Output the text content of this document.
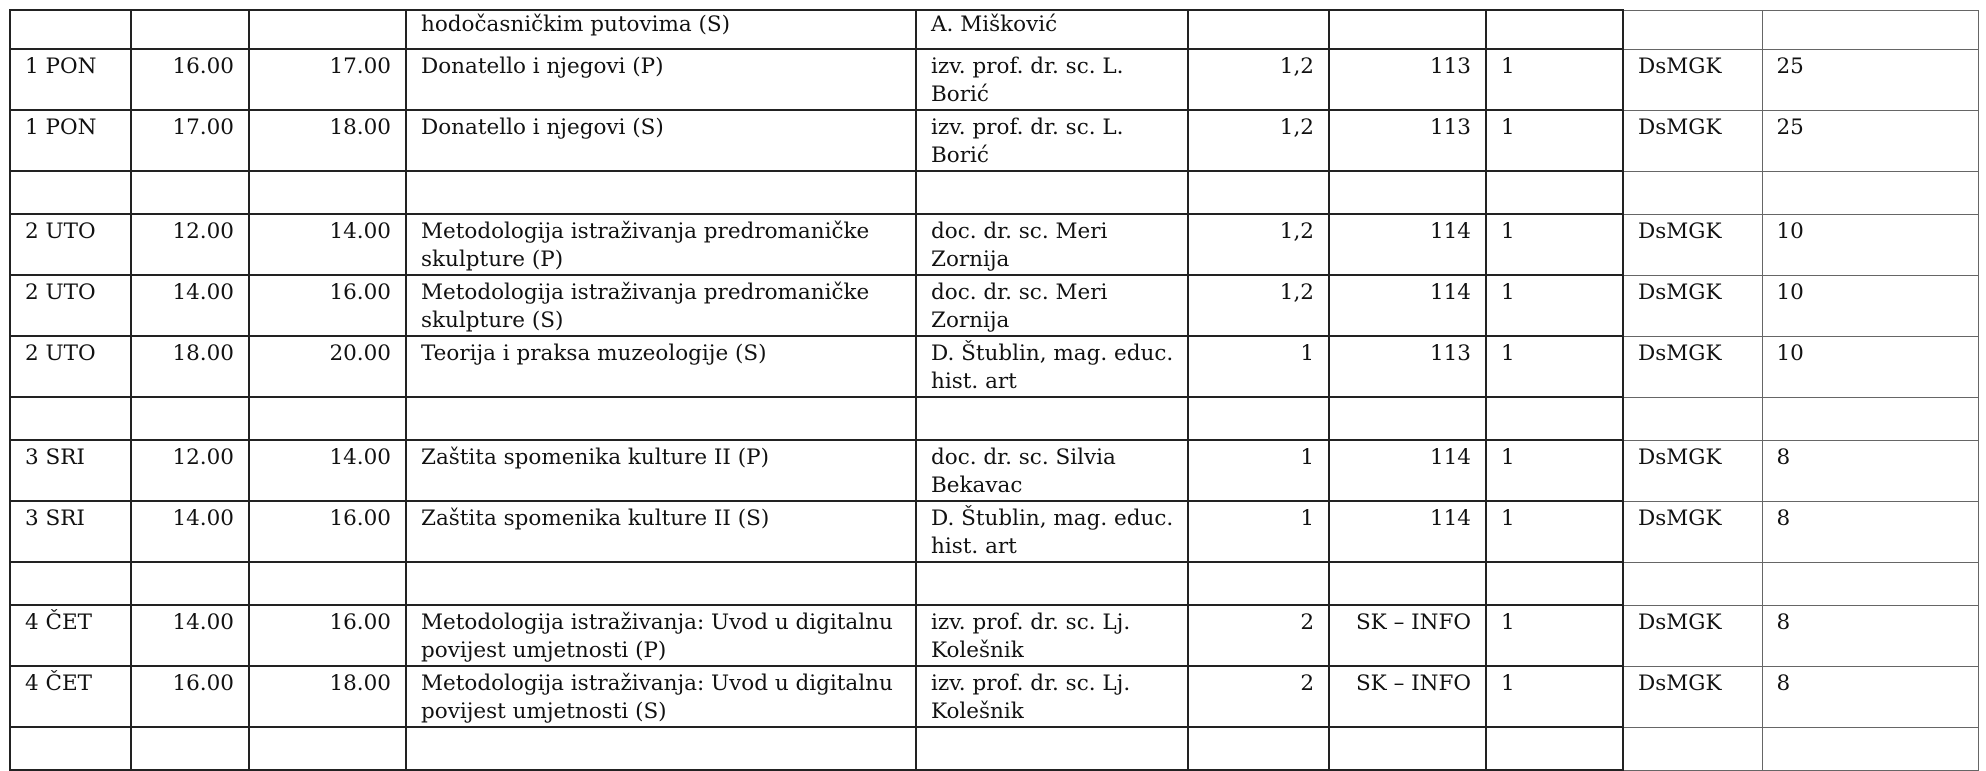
			hodočasničkim putovima (S)	A. Mišković					
1 PON	16.00	17.00	Donatello i njegovi (P)	izv. prof. dr. sc. L. Borić	1,2	113	1	DsMGK	25
1 PON	17.00	18.00	Donatello i njegovi (S)	izv. prof. dr. sc. L. Borić	1,2	113	1	DsMGK	25

2 UTO	12.00	14.00	Metodologija istraživanja predromaničke skulpture (P)	doc. dr. sc. Meri Zornija	1,2	114	1	DsMGK	10
2 UTO	14.00	16.00	Metodologija istraživanja predromaničke skulpture (S)	doc. dr. sc. Meri Zornija	1,2	114	1	DsMGK	10
2 UTO	18.00	20.00	Teorija i praksa muzeologije (S)	D. Štublin, mag. educ. hist. art	1	113	1	DsMGK	10

3 SRI	12.00	14.00	Zaštita spomenika kulture II (P)	doc. dr. sc. Silvia Bekavac	1	114	1	DsMGK	8
3 SRI	14.00	16.00	Zaštita spomenika kulture II (S)	D. Štublin, mag. educ. hist. art	1	114	1	DsMGK	8

4 ČET	14.00	16.00	Metodologija istraživanja: Uvod u digitalnu povijest umjetnosti (P)	izv. prof. dr. sc. Lj. Kolešnik	2	SK – INFO	1	DsMGK	8
4 ČET	16.00	18.00	Metodologija istraživanja: Uvod u digitalnu povijest umjetnosti (S)	izv. prof. dr. sc. Lj. Kolešnik	2	SK – INFO	1	DsMGK	8
